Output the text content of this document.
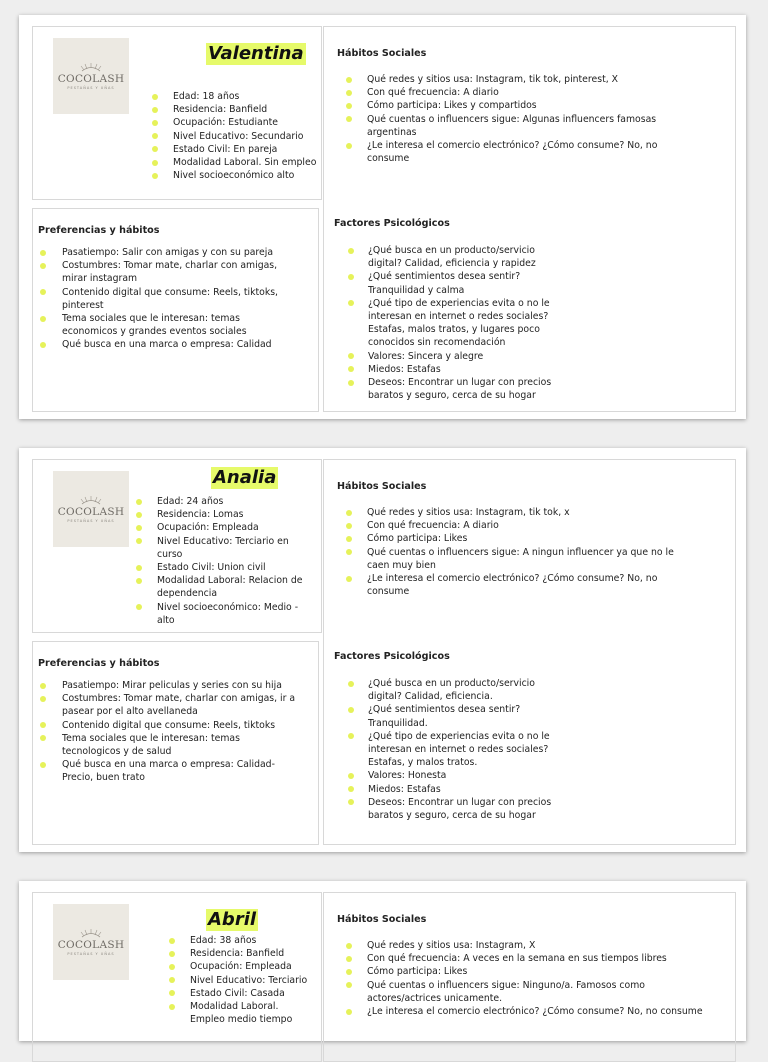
COCOLASH
PESTAÑAS Y UÑAS
Valentina
Edad: 18 años
Residencia: Banfield
Ocupación: Estudiante
Nivel Educativo: Secundario
Estado Civil: En pareja
Modalidad Laboral. Sin empleo
Nivel socioeconómico alto
Hábitos Sociales
Qué redes y sitios usa: Instagram, tik tok, pinterest, X
Con qué frecuencia: A diario
Cómo participa: Likes y compartidos
Qué cuentas o influencers sigue: Algunas influencers famosas argentinas
¿Le interesa el comercio electrónico? ¿Cómo consume? No, no consume
Preferencias y hábitos
Pasatiempo: Salir con amigas y con su pareja
Costumbres: Tomar mate, charlar con amigas, mirar instagram
Contenido digital que consume: Reels, tiktoks, pinterest
Tema sociales que le interesan: temas economicos y grandes eventos sociales
Qué busca en una marca o empresa: Calidad
Factores Psicológicos
¿Qué busca en un producto/servicio digital? Calidad, eficiencia y rapidez
¿Qué sentimientos desea sentir? Tranquilidad y calma
¿Qué tipo de experiencias evita o no le interesan en internet o redes sociales? Estafas, malos tratos, y lugares poco conocidos sin recomendación
Valores: Sincera y alegre
Miedos: Estafas
Deseos: Encontrar un lugar con precios baratos y seguro, cerca de su hogar
COCOLASH
PESTAÑAS Y UÑAS
Analia
Edad: 24 años
Residencia: Lomas
Ocupación: Empleada
Nivel Educativo: Terciario en curso
Estado Civil: Union civil
Modalidad Laboral: Relacion de dependencia
Nivel socioeconómico: Medio - alto
Hábitos Sociales
Qué redes y sitios usa: Instagram, tik tok, x
Con qué frecuencia: A diario
Cómo participa: Likes
Qué cuentas o influencers sigue: A ningun influencer ya que no le caen muy bien
¿Le interesa el comercio electrónico? ¿Cómo consume? No, no consume
Preferencias y hábitos
Pasatiempo: Mirar peliculas y series con su hija
Costumbres: Tomar mate, charlar con amigas, ir a pasear por el alto avellaneda
Contenido digital que consume: Reels, tiktoks
Tema sociales que le interesan: temas tecnologicos y de salud
Qué busca en una marca o empresa: Calidad-Precio, buen trato
Factores Psicológicos
¿Qué busca en un producto/servicio digital? Calidad, eficiencia.
¿Qué sentimientos desea sentir? Tranquilidad.
¿Qué tipo de experiencias evita o no le interesan en internet o redes sociales? Estafas, y malos tratos.
Valores: Honesta
Miedos: Estafas
Deseos: Encontrar un lugar con precios baratos y seguro, cerca de su hogar
COCOLASH
PESTAÑAS Y UÑAS
Abril
Edad: 38 años
Residencia: Banfield
Ocupación: Empleada
Nivel Educativo: Terciario
Estado Civil: Casada
Modalidad Laboral. Empleo medio tiempo
Hábitos Sociales
Qué redes y sitios usa: Instagram, X
Con qué frecuencia: A veces en la semana en sus tiempos libres
Cómo participa: Likes
Qué cuentas o influencers sigue: Ninguno/a. Famosos como actores/actrices unicamente.
¿Le interesa el comercio electrónico? ¿Cómo consume? No, no consume
